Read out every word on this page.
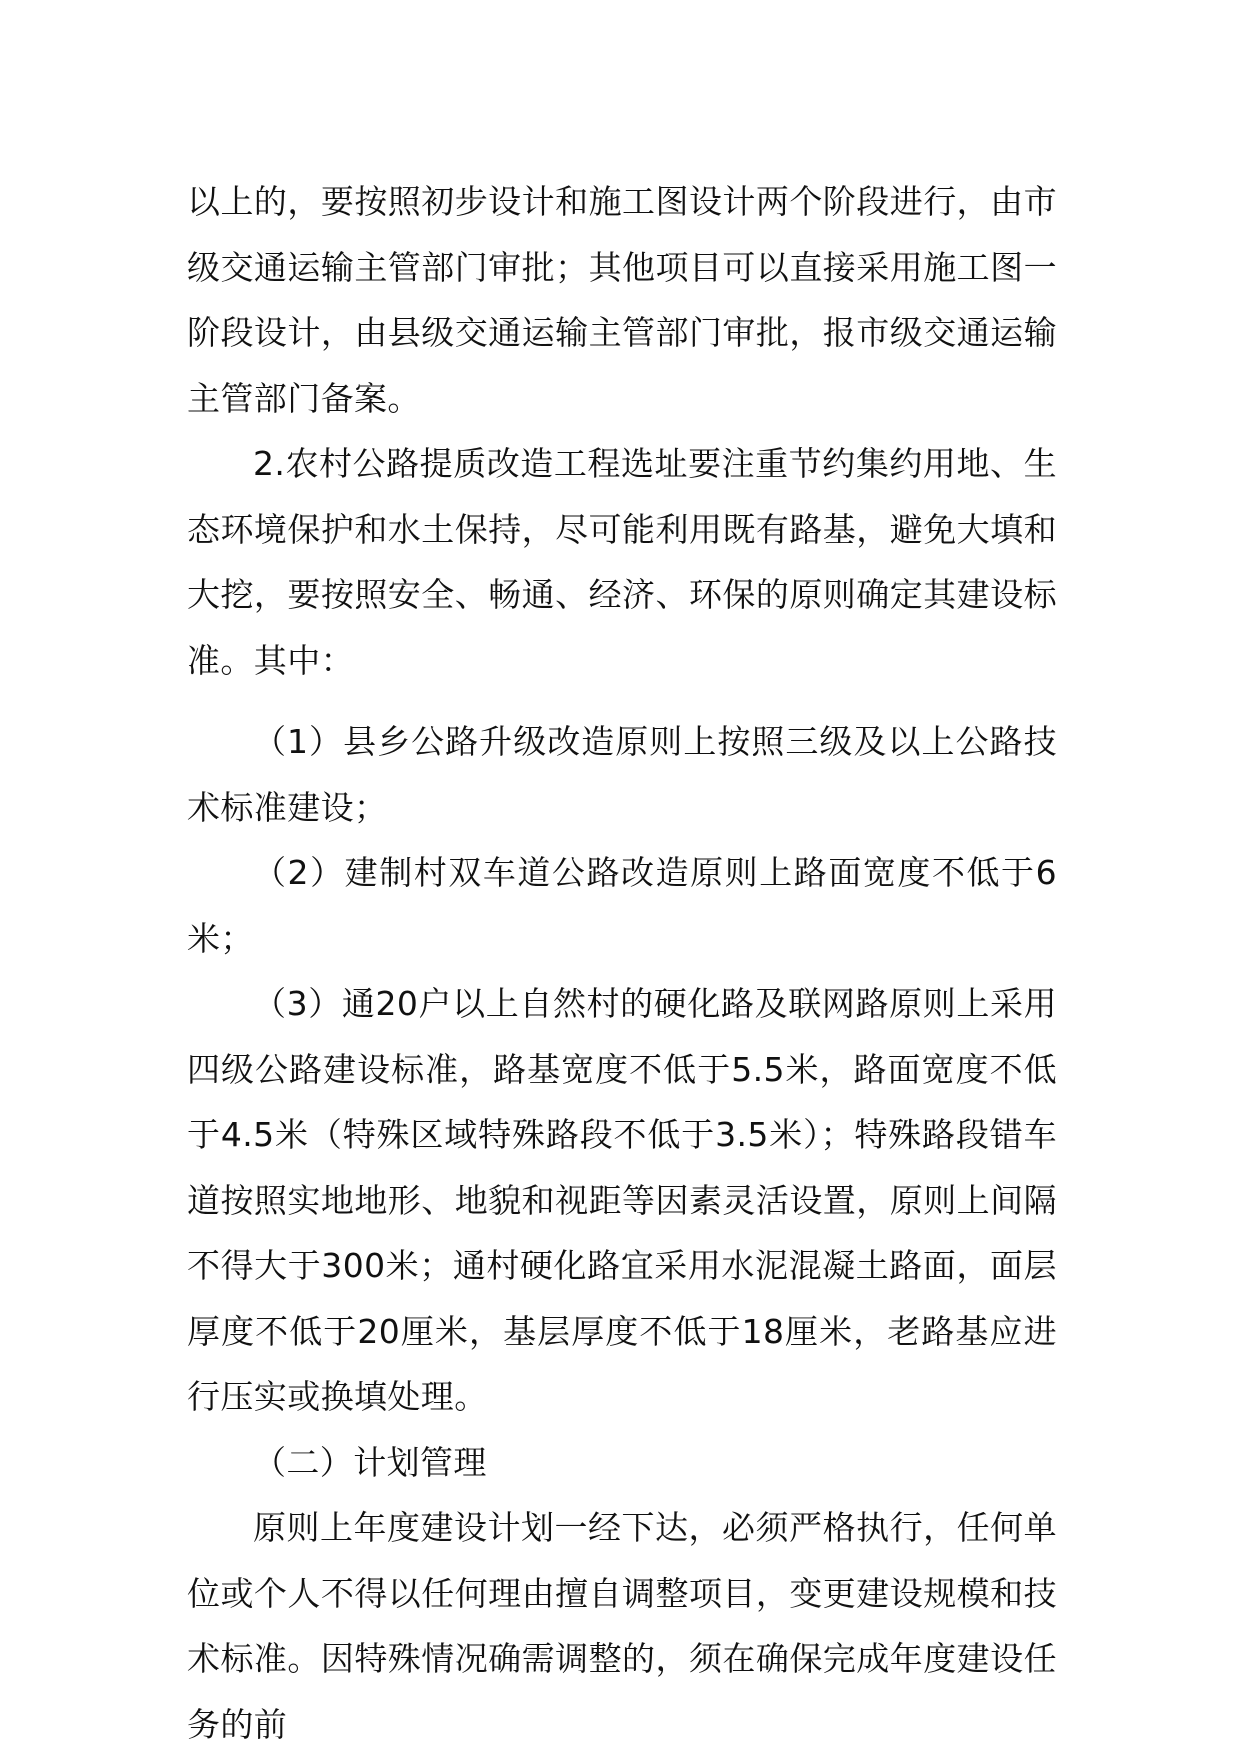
以上的，要按照初步设计和施工图设计两个阶段进行，由市级交通运输主管部门审批；其他项目可以直接采用施工图一阶段设计，由县级交通运输主管部门审批，报市级交通运输主管部门备案。

2.农村公路提质改造工程选址要注重节约集约用地、生态环境保护和水土保持，尽可能利用既有路基，避免大填和大挖，要按照安全、畅通、经济、环保的原则确定其建设标准。其中：

（1）县乡公路升级改造原则上按照三级及以上公路技术标准建设；

（2）建制村双车道公路改造原则上路面宽度不低于6米；

（3）通20户以上自然村的硬化路及联网路原则上采用四级公路建设标准，路基宽度不低于5.5米，路面宽度不低于4.5米（特殊区域特殊路段不低于3.5米）；特殊路段错车道按照实地地形、地貌和视距等因素灵活设置，原则上间隔不得大于300米；通村硬化路宜采用水泥混凝土路面，面层厚度不低于20厘米，基层厚度不低于18厘米，老路基应进行压实或换填处理。

（二）计划管理

原则上年度建设计划一经下达，必须严格执行，任何单位或个人不得以任何理由擅自调整项目，变更建设规模和技术标准。因特殊情况确需调整的，须在确保完成年度建设任务的前
